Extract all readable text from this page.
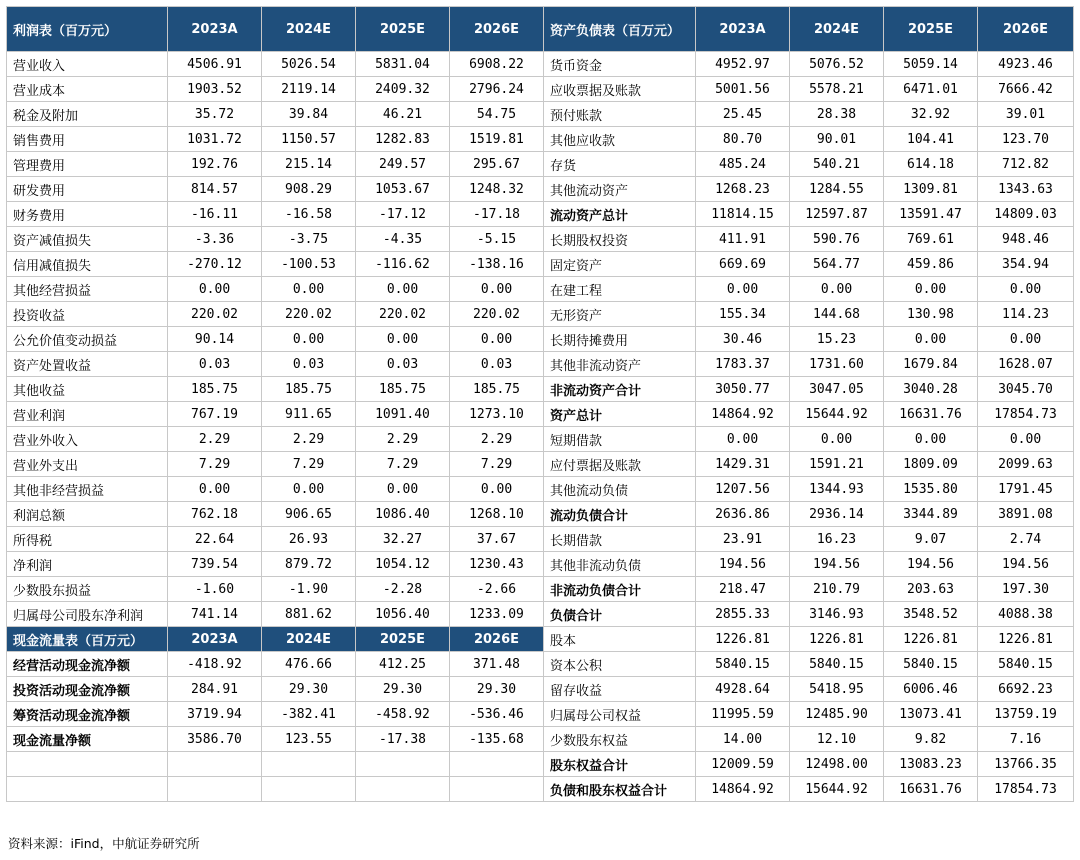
利润表（百万元）	2023A	2024E	2025E	2026E	资产负债表（百万元）	2023A	2024E	2025E	2026E
营业收入	4506.91	5026.54	5831.04	6908.22	货币资金	4952.97	5076.52	5059.14	4923.46
营业成本	1903.52	2119.14	2409.32	2796.24	应收票据及账款	5001.56	5578.21	6471.01	7666.42
税金及附加	35.72	39.84	46.21	54.75	预付账款	25.45	28.38	32.92	39.01
销售费用	1031.72	1150.57	1282.83	1519.81	其他应收款	80.70	90.01	104.41	123.70
管理费用	192.76	215.14	249.57	295.67	存货	485.24	540.21	614.18	712.82
研发费用	814.57	908.29	1053.67	1248.32	其他流动资产	1268.23	1284.55	1309.81	1343.63
财务费用	-16.11	-16.58	-17.12	-17.18	流动资产总计	11814.15	12597.87	13591.47	14809.03
资产减值损失	-3.36	-3.75	-4.35	-5.15	长期股权投资	411.91	590.76	769.61	948.46
信用减值损失	-270.12	-100.53	-116.62	-138.16	固定资产	669.69	564.77	459.86	354.94
其他经营损益	0.00	0.00	0.00	0.00	在建工程	0.00	0.00	0.00	0.00
投资收益	220.02	220.02	220.02	220.02	无形资产	155.34	144.68	130.98	114.23
公允价值变动损益	90.14	0.00	0.00	0.00	长期待摊费用	30.46	15.23	0.00	0.00
资产处置收益	0.03	0.03	0.03	0.03	其他非流动资产	1783.37	1731.60	1679.84	1628.07
其他收益	185.75	185.75	185.75	185.75	非流动资产合计	3050.77	3047.05	3040.28	3045.70
营业利润	767.19	911.65	1091.40	1273.10	资产总计	14864.92	15644.92	16631.76	17854.73
营业外收入	2.29	2.29	2.29	2.29	短期借款	0.00	0.00	0.00	0.00
营业外支出	7.29	7.29	7.29	7.29	应付票据及账款	1429.31	1591.21	1809.09	2099.63
其他非经营损益	0.00	0.00	0.00	0.00	其他流动负债	1207.56	1344.93	1535.80	1791.45
利润总额	762.18	906.65	1086.40	1268.10	流动负债合计	2636.86	2936.14	3344.89	3891.08
所得税	22.64	26.93	32.27	37.67	长期借款	23.91	16.23	9.07	2.74
净利润	739.54	879.72	1054.12	1230.43	其他非流动负债	194.56	194.56	194.56	194.56
少数股东损益	-1.60	-1.90	-2.28	-2.66	非流动负债合计	218.47	210.79	203.63	197.30
归属母公司股东净利润	741.14	881.62	1056.40	1233.09	负债合计	2855.33	3146.93	3548.52	4088.38
现金流量表（百万元）	2023A	2024E	2025E	2026E	股本	1226.81	1226.81	1226.81	1226.81
经营活动现金流净额	-418.92	476.66	412.25	371.48	资本公积	5840.15	5840.15	5840.15	5840.15
投资活动现金流净额	284.91	29.30	29.30	29.30	留存收益	4928.64	5418.95	6006.46	6692.23
筹资活动现金流净额	3719.94	-382.41	-458.92	-536.46	归属母公司权益	11995.59	12485.90	13073.41	13759.19
现金流量净额	3586.70	123.55	-17.38	-135.68	少数股东权益	14.00	12.10	9.82	7.16
					股东权益合计	12009.59	12498.00	13083.23	13766.35
					负债和股东权益合计	14864.92	15644.92	16631.76	17854.73
资料来源：iFind，中航证券研究所
